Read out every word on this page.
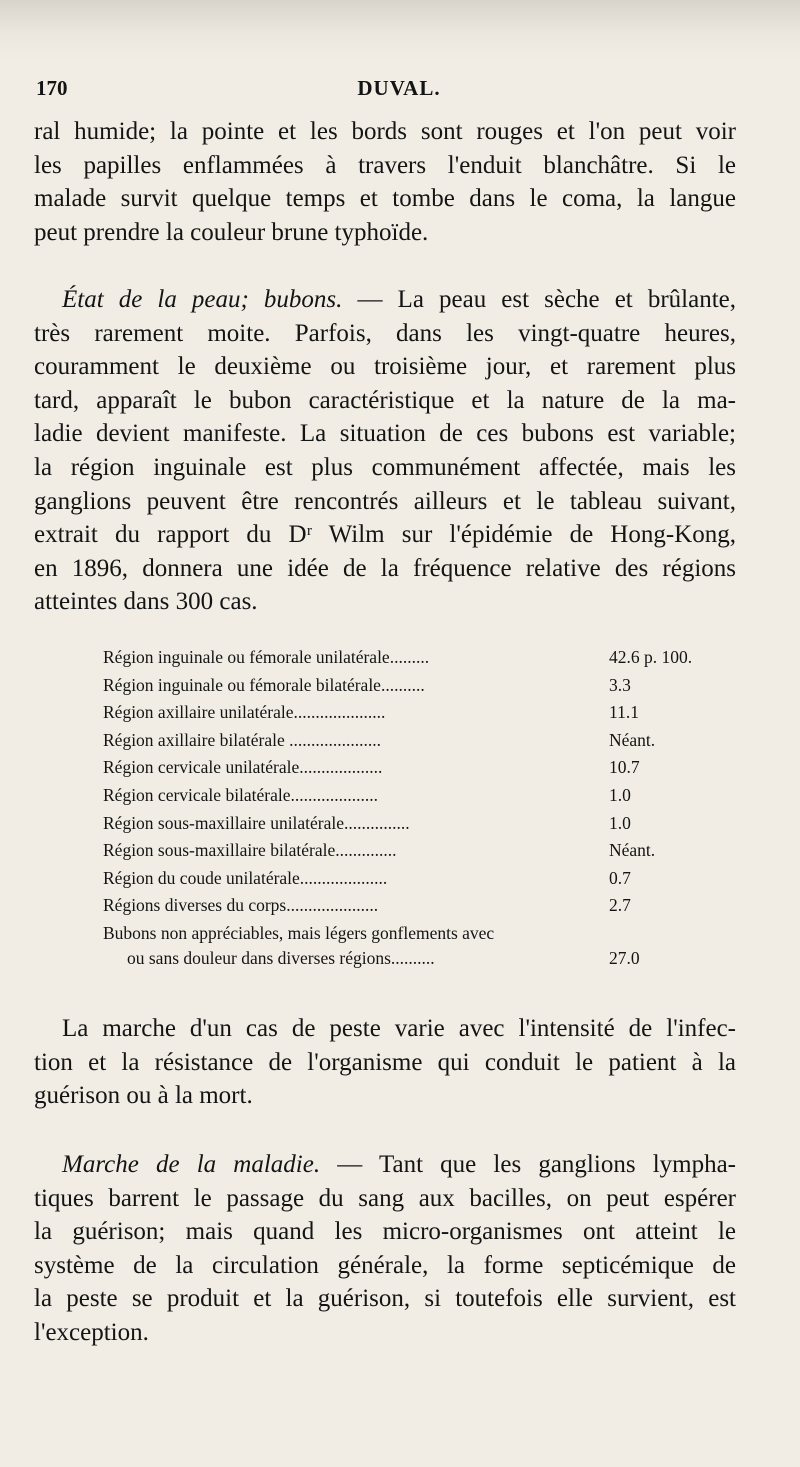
170	DUVAL.

ral humide; la pointe et les bords sont rouges et l'on peut voir
les papilles enflammées à travers l'enduit blanchâtre. Si le
malade survit quelque temps et tombe dans le coma, la langue
peut prendre la couleur brune typhoïde.

État de la peau; bubons. — La peau est sèche et brûlante,
très rarement moite. Parfois, dans les vingt-quatre heures,
couramment le deuxième ou troisième jour, et rarement plus
tard, apparaît le bubon caractéristique et la nature de la ma-
ladie devient manifeste. La situation de ces bubons est variable;
la région inguinale est plus communément affectée, mais les
ganglions peuvent être rencontrés ailleurs et le tableau suivant,
extrait du rapport du Dʳ Wilm sur l'épidémie de Hong-Kong,
en 1896, donnera une idée de la fréquence relative des régions
atteintes dans 300 cas.

Région inguinale ou fémorale unilatérale.........	42.6 p. 100.
Région inguinale ou fémorale bilatérale..........	3.3
Région axillaire unilatérale.....................	11.1
Région axillaire bilatérale .....................	Néant.
Région cervicale unilatérale...................	10.7
Région cervicale bilatérale....................	1.0
Région sous-maxillaire unilatérale...............	1.0
Région sous-maxillaire bilatérale..............	Néant.
Région du coude unilatérale....................	0.7
Régions diverses du corps.....................	2.7
Bubons non appréciables, mais légers gonflements avec
ou sans douleur dans diverses régions..........	27.0

La marche d'un cas de peste varie avec l'intensité de l'infec-
tion et la résistance de l'organisme qui conduit le patient à la
guérison ou à la mort.

Marche de la maladie. — Tant que les ganglions lympha-
tiques barrent le passage du sang aux bacilles, on peut espérer
la guérison; mais quand les micro-organismes ont atteint le
système de la circulation générale, la forme septicémique de
la peste se produit et la guérison, si toutefois elle survient, est
l'exception.
